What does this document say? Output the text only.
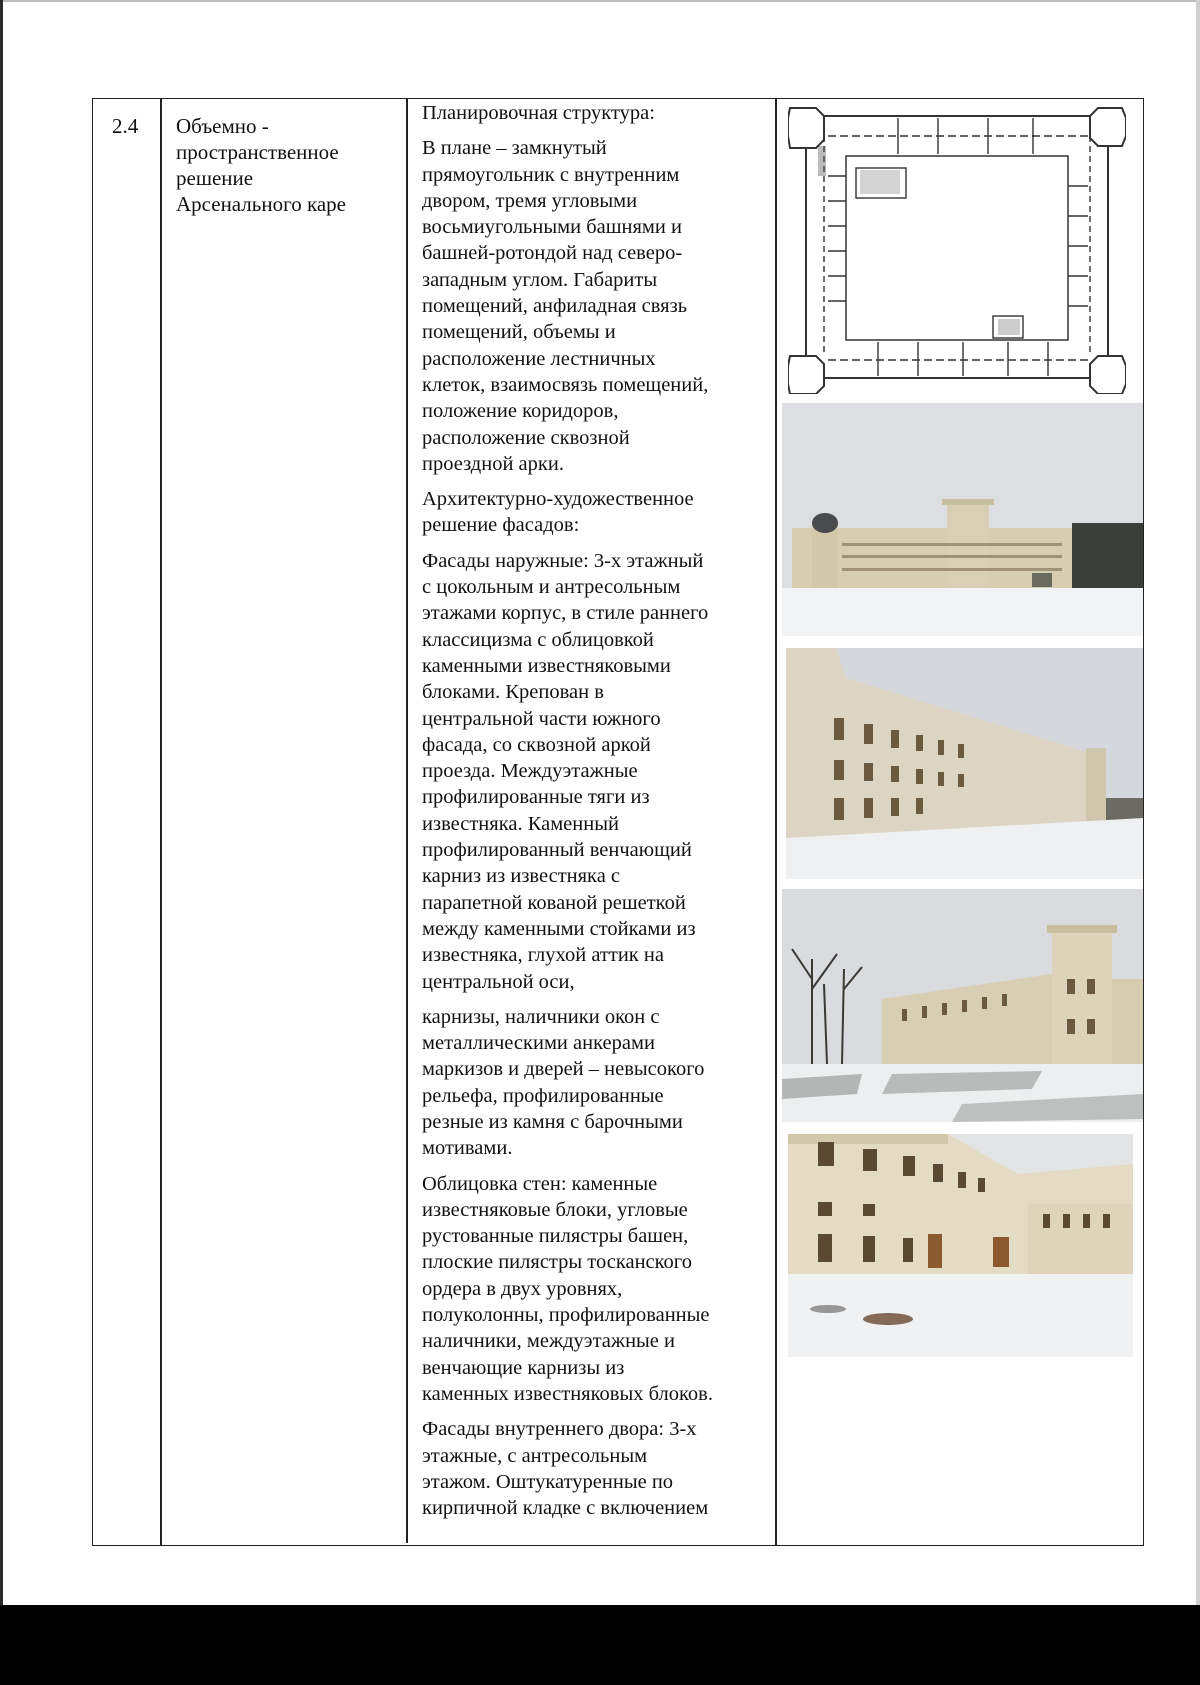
2.4 Объемно -
пространственное
решение
Арсенального каре

Планировочная структура:

В плане – замкнутый
прямоугольник с внутренним
двором, тремя угловыми
восьмиугольными башнями и
башней-ротондой над северо-
западным углом. Габариты
помещений, анфиладная связь
помещений, объемы и
расположение лестничных
клеток, взаимосвязь помещений,
положение коридоров,
расположение сквозной
проездной арки.

Архитектурно-художественное
решение фасадов:

Фасады наружные: 3-х этажный
с цокольным и антресольным
этажами корпус, в стиле раннего
классицизма с облицовкой
каменными известняковыми
блоками. Крепован в
центральной части южного
фасада, со сквозной аркой
проезда. Междуэтажные
профилированные тяги из
известняка. Каменный
профилированный венчающий
карниз из известняка с
парапетной кованой решеткой
между каменными стойками из
известняка, глухой аттик на
центральной оси,

карнизы, наличники окон с
металлическими анкерами
маркизов и дверей – невысокого
рельефа, профилированные
резные из камня с барочными
мотивами.

Облицовка стен: каменные
известняковые блоки, угловые
рустованные пилястры башен,
плоские пилястры тосканского
ордера в двух уровнях,
полуколонны, профилированные
наличники, междуэтажные и
венчающие карнизы из
каменных известняковых блоков.

Фасады внутреннего двора: 3-х
этажные, с антресольным
этажом. Оштукатуренные по
кирпичной кладке с включением
